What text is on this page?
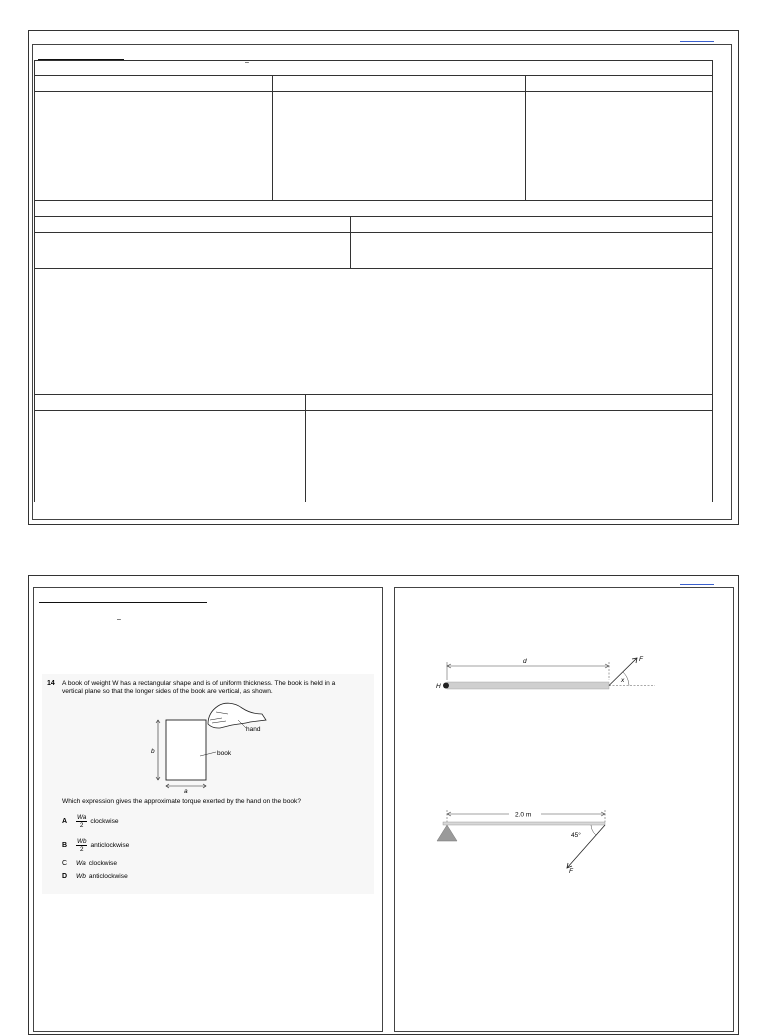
–
–
14 A book of weight W has a rectangular shape and is of uniform thickness. The book is held in a
vertical plane so that the longer sides of the book are vertical, as shown.
hand
book
b
a
Which expression gives the approximate torque exerted by the hand on the book?
A	$\frac{Wa}{2}$ clockwise
B	$\frac{Wb}{2}$ anticlockwise
C	Wa clockwise
D	Wb anticlockwise
d
H
F
x
2.0 m
F
45°
